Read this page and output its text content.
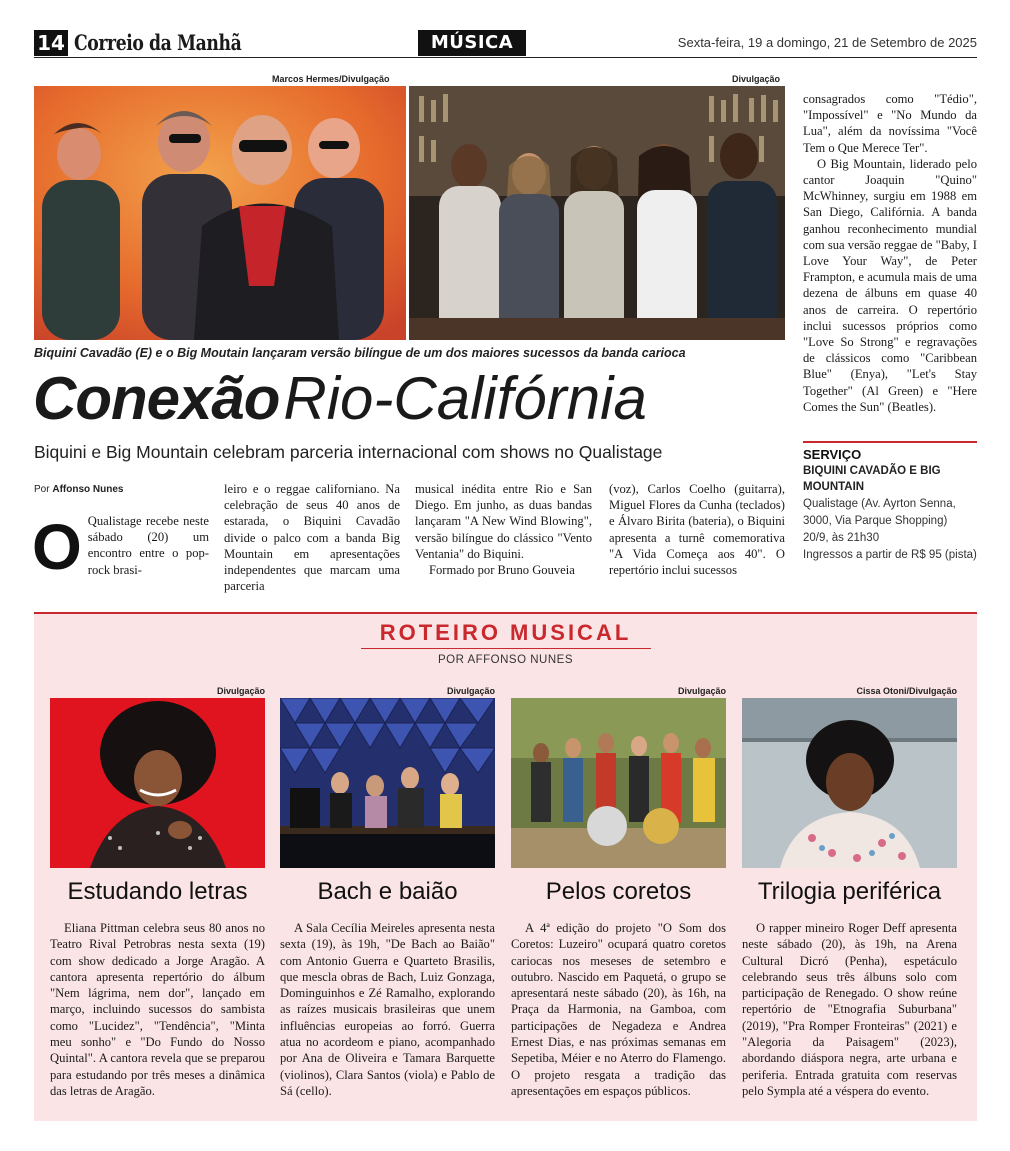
14 Correio da Manhã	MÚSICA	Sexta-feira, 19 a domingo, 21 de Setembro de 2025
Marcos Hermes/Divulgação	Divulgação
Biquini Cavadão (E) e o Big Moutain lançaram versão bilíngue de um dos maiores sucessos da banda carioca
Conexão Rio-Califórnia
Biquini e Big Mountain celebram parceria internacional com shows no Qualistage
Por Affonso Nunes
O Qualistage recebe neste sábado (20) um encontro entre o pop-rock brasi-
leiro e o reggae californiano. Na celebração de seus 40 anos de estarada, o Biquini Cavadão divide o palco com a banda Big Mountain em apresentações independentes que marcam uma parceria

musical inédita entre Rio e San Diego. Em junho, as duas bandas lançaram "A New Wind Blowing", versão bilíngue do clássico "Vento Ventania" do Biquini.

Formado por Bruno Gouveia

(voz), Carlos Coelho (guitarra), Miguel Flores da Cunha (teclados) e Álvaro Birita (bateria), o Biquini apresenta a turnê comemorativa "A Vida Começa aos 40". O repertório inclui sucessos

consagrados como "Tédio", "Impossível" e "No Mundo da Lua", além da novíssima "Você Tem o Que Merece Ter".

O Big Mountain, liderado pelo cantor Joaquin "Quino" McWhinney, surgiu em 1988 em San Diego, Califórnia. A banda ganhou reconhecimento mundial com sua versão reggae de "Baby, I Love Your Way", de Peter Frampton, e acumula mais de uma dezena de álbuns em quase 40 anos de carreira. O repertório inclui sucessos próprios como "Love So Strong" e regravações de clássicos como "Caribbean Blue" (Enya), "Let's Stay Together" (Al Green) e "Here Comes the Sun" (Beatles).

SERVIÇO
BIQUINI CAVADÃO E BIG MOUNTAIN
Qualistage (Av. Ayrton Senna, 3000, Via Parque Shopping)
20/9, às 21h30
Ingressos a partir de R$ 95 (pista)
ROTEIRO MUSICAL
POR AFFONSO NUNES
Divulgação
Estudando letras
Eliana Pittman celebra seus 80 anos no Teatro Rival Petrobras nesta sexta (19) com show dedicado a Jorge Aragão. A cantora apresenta repertório do álbum "Nem lágrima, nem dor", lançado em março, incluindo sucessos do sambista como "Lucidez", "Tendência", "Minta meu sonho" e "Do Fundo do Nosso Quintal". A cantora revela que se preparou para estudando por três meses a dinâmica das letras de Aragão.
Divulgação
Bach e baião
A Sala Cecília Meireles apresenta nesta sexta (19), às 19h, "De Bach ao Baião" com Antonio Guerra e Quarteto Brasilis, que mescla obras de Bach, Luiz Gonzaga, Dominguinhos e Zé Ramalho, explorando as raízes musicais brasileiras que unem influências europeias ao forró. Guerra atua no acordeom e piano, acompanhado por Ana de Oliveira e Tamara Barquette (violinos), Clara Santos (viola) e Pablo de Sá (cello).
Divulgação
Pelos coretos
A 4ª edição do projeto "O Som dos Coretos: Luzeiro" ocupará quatro coretos cariocas nos meseses de setembro e outubro. Nascido em Paquetá, o grupo se apresentará neste sábado (20), às 16h, na Praça da Harmonia, na Gamboa, com participações de Negadeza e Andrea Ernest Dias, e nas próximas semanas em Sepetiba, Méier e no Aterro do Flamengo. O projeto resgata a tradição das apresentações em espaços públicos.
Cissa Otoni/Divulgação
Trilogia periférica
O rapper mineiro Roger Deff apresenta neste sábado (20), às 19h, na Arena Cultural Dicró (Penha), espetáculo celebrando seus três álbuns solo com participação de Renegado. O show reúne repertório de "Etnografia Suburbana" (2019), "Pra Romper Fronteiras" (2021) e "Alegoria da Paisagem" (2023), abordando diáspora negra, arte urbana e periferia. Entrada gratuita com reservas pelo Sympla até a véspera do evento.
